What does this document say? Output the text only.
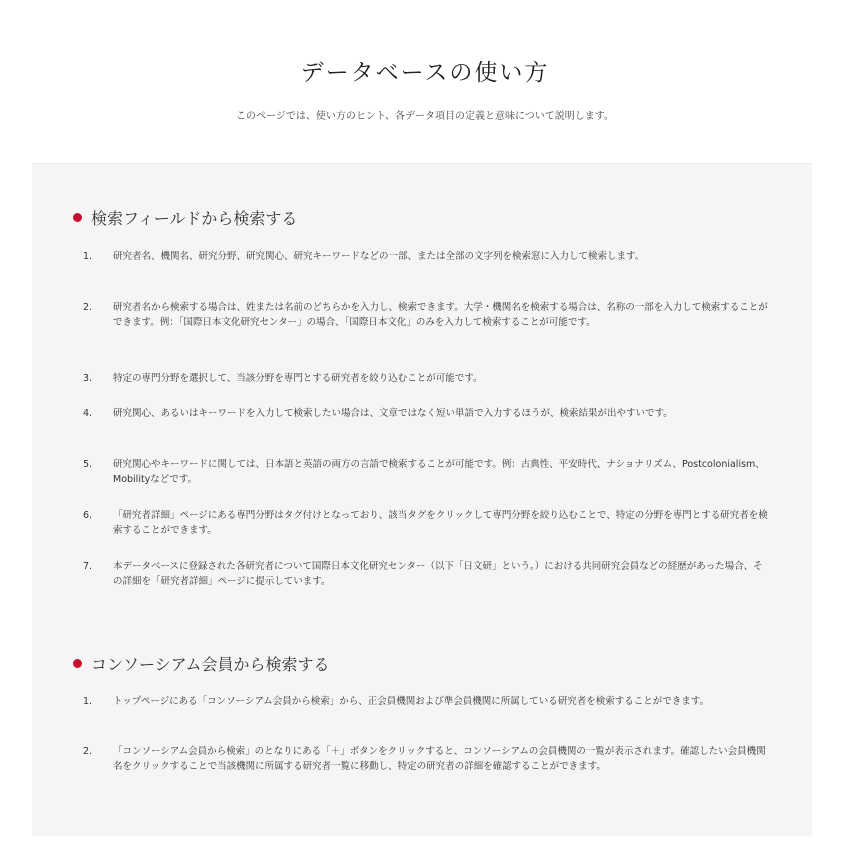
データベースの使い方

このページでは、使い方のヒント、各データ項目の定義と意味について説明します。

検索フィールドから検索する
1.	研究者名、機関名、研究分野、研究関心、研究キーワードなどの一部、または全部の文字列を検索窓に入力して検索します。
2.	研究者名から検索する場合は、姓または名前のどちらかを入力し、検索できます。大学・機関名を検索する場合は、名称の一部を入力して検索することができます。例：「国際日本文化研究センター」の場合、「国際日本文化」のみを入力して検索することが可能です。
3.	特定の専門分野を選択して、当該分野を専門とする研究者を絞り込むことが可能です。
4.	研究関心、あるいはキーワードを入力して検索したい場合は、文章ではなく短い単語で入力するほうが、検索結果が出やすいです。
5.	研究関心やキーワードに関しては、日本語と英語の両方の言語で検索することが可能です。例：古典性、平安時代、ナショナリズム、Postcolonialism、Mobilityなどです。
6.	「研究者詳細」ページにある専門分野はタグ付けとなっており、該当タグをクリックして専門分野を絞り込むことで、特定の分野を専門とする研究者を検索することができます。
7.	本データベースに登録された各研究者について国際日本文化研究センター（以下「日文研」という。）における共同研究会員などの経歴があった場合、その詳細を「研究者詳細」ページに提示しています。
コンソーシアム会員から検索する
1.	トップページにある「コンソーシアム会員から検索」から、正会員機関および準会員機関に所属している研究者を検索することができます。
2.	「コンソーシアム会員から検索」のとなりにある「＋」ボタンをクリックすると、コンソーシアムの会員機関の一覧が表示されます。確認したい会員機関名をクリックすることで当該機関に所属する研究者一覧に移動し、特定の研究者の詳細を確認することができます。
